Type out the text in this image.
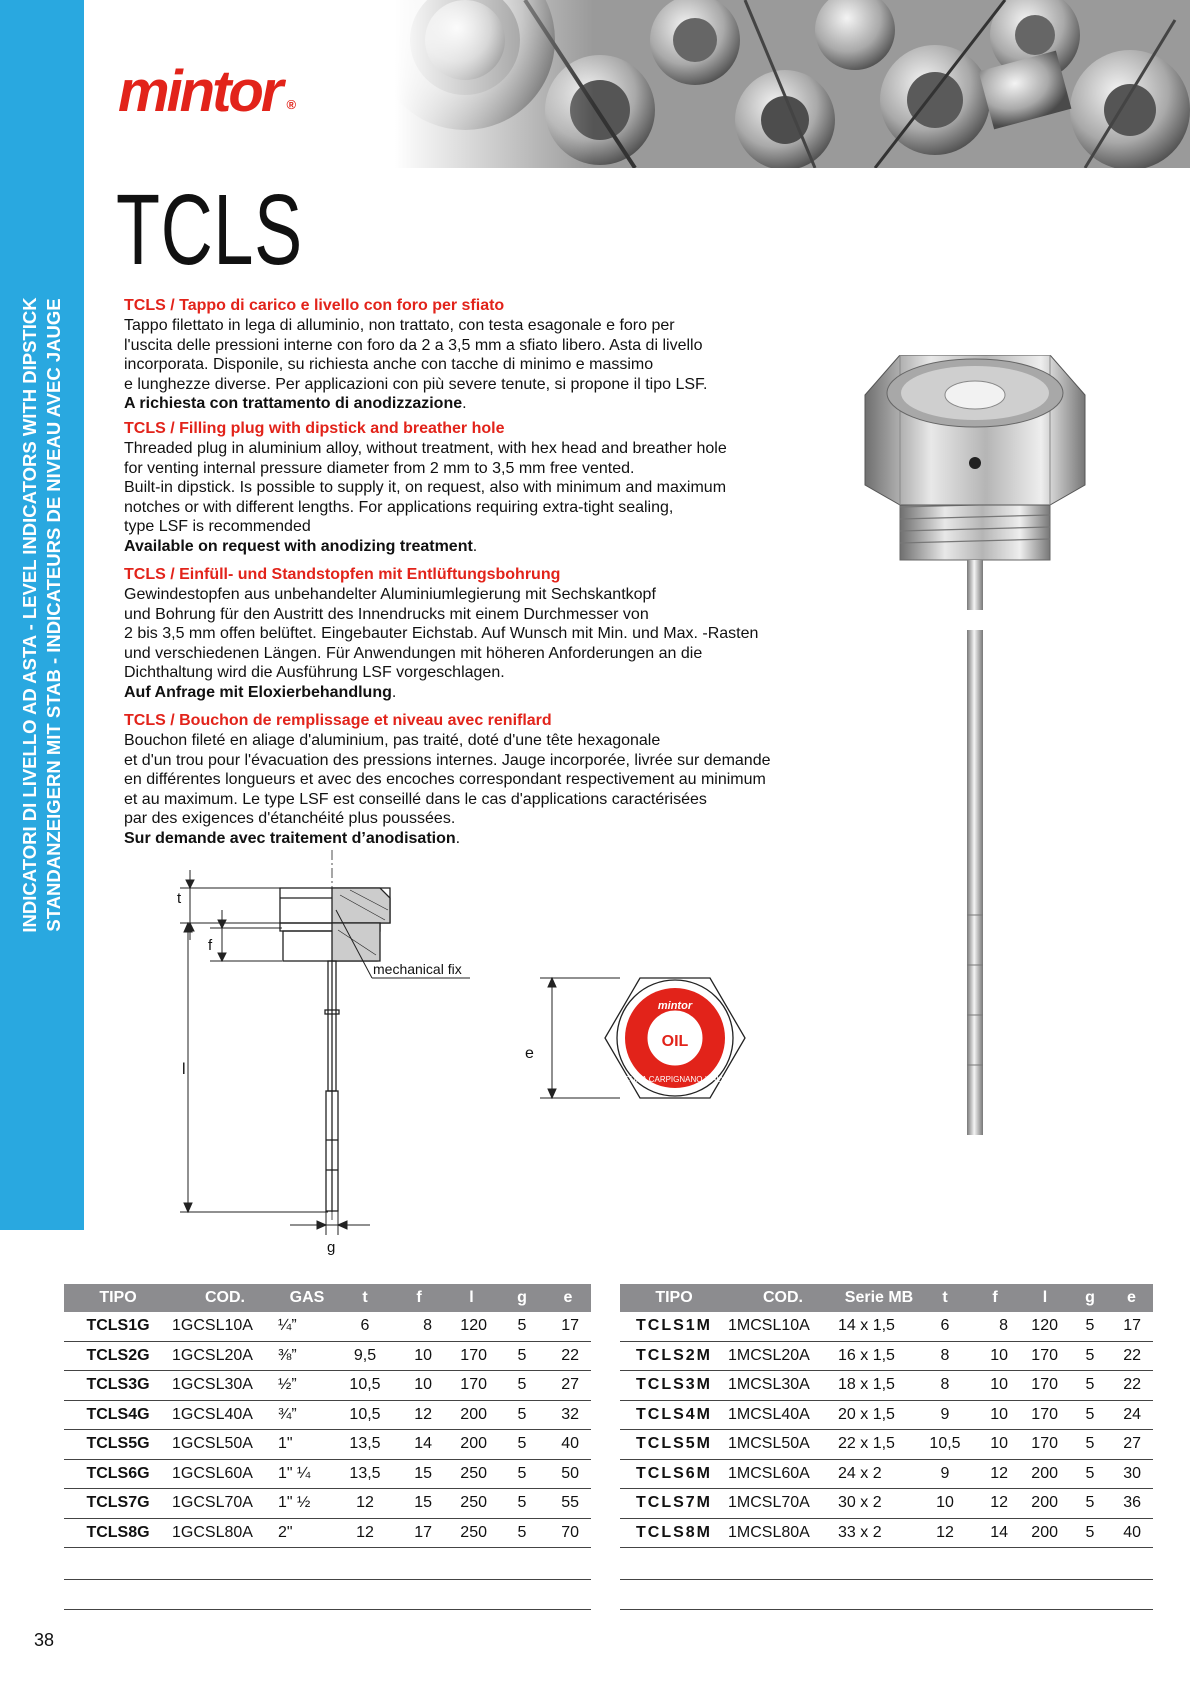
INDICATORI DI LIVELLO AD ASTA - LEVEL INDICATORS WITH DIPSTICK STANDANZEIGERN MIT STAB - INDICATEURS DE NIVEAU AVEC JAUGE
mintor ®
TCLS
TCLS / Tappo di carico e livello con foro per sfiato

Tappo filettato in lega di alluminio, non trattato, con testa esagonale e foro per

l'uscita delle pressioni interne con foro da 2 a 3,5 mm a sfiato libero. Asta di livello

incorporata. Disponile, su richiesta anche con tacche di minimo e massimo

e lunghezze diverse. Per applicazioni con più severe tenute, si propone il tipo LSF.

A richiesta con trattamento di anodizzazione.

TCLS / Filling plug with dipstick and breather hole

Threaded plug in aluminium alloy, without treatment, with hex head and breather hole

for venting internal pressure diameter from 2 mm to 3,5 mm free vented.

Built-in dipstick. Is possible to supply it, on request, also with minimum and maximum

notches or with different lengths. For applications requiring extra-tight sealing,

type LSF is recommended

Available on request with anodizing treatment.

TCLS / Einfüll- und Standstopfen mit Entlüftungsbohrung

Gewindestopfen aus unbehandelter Aluminiumlegierung mit Sechskantkopf

und Bohrung für den Austritt des Innendrucks mit einem Durchmesser von

2 bis 3,5 mm offen belüftet. Eingebauter Eichstab. Auf Wunsch mit Min. und Max. -Rasten

und verschiedenen Längen. Für Anwendungen mit höheren Anforderungen an die

Dichthaltung wird die Ausführung LSF vorgeschlagen.

Auf Anfrage mit Eloxierbehandlung.

TCLS / Bouchon de remplissage et niveau avec reniflard

Bouchon fileté en aliage d'aluminium, pas traité, doté d'une tête hexagonale

et d'un trou pour l'évacuation des pressions internes. Jauge incorporée, livrée sur demande

en différentes longueurs et avec des encoches correspondant respectivement au minimum

et au maximum. Le type LSF est conseillé dans le cas d'applications caractérisées

par des exigences d'étanchéité plus poussées.

Sur demande avec traitement d’anodisation.

mechanical fix
t
f
l
g
mintor
OIL
CURA CARPIGNANO ITALY
e
TIPO	COD.	GAS	t	f	l	g	e
TCLS1G	1GCSL10A	¼”	6	8	120	5	17
TCLS2G	1GCSL20A	⅜”	9,5	10	170	5	22
TCLS3G	1GCSL30A	½”	10,5	10	170	5	27
TCLS4G	1GCSL40A	¾”	10,5	12	200	5	32
TCLS5G	1GCSL50A	1"	13,5	14	200	5	40
TCLS6G	1GCSL60A	1" ¼	13,5	15	250	5	50
TCLS7G	1GCSL70A	1" ½	12	15	250	5	55
TCLS8G	1GCSL80A	2"	12	17	250	5	70
TIPO	COD.	Serie MB	t	f	l	g	e
TCLS1M	1MCSL10A	14 x 1,5	6	8	120	5	17
TCLS2M	1MCSL20A	16 x 1,5	8	10	170	5	22
TCLS3M	1MCSL30A	18 x 1,5	8	10	170	5	22
TCLS4M	1MCSL40A	20 x 1,5	9	10	170	5	24
TCLS5M	1MCSL50A	22 x 1,5	10,5	10	170	5	27
TCLS6M	1MCSL60A	24 x 2	9	12	200	5	30
TCLS7M	1MCSL70A	30 x 2	10	12	200	5	36
TCLS8M	1MCSL80A	33 x 2	12	14	200	5	40
38
